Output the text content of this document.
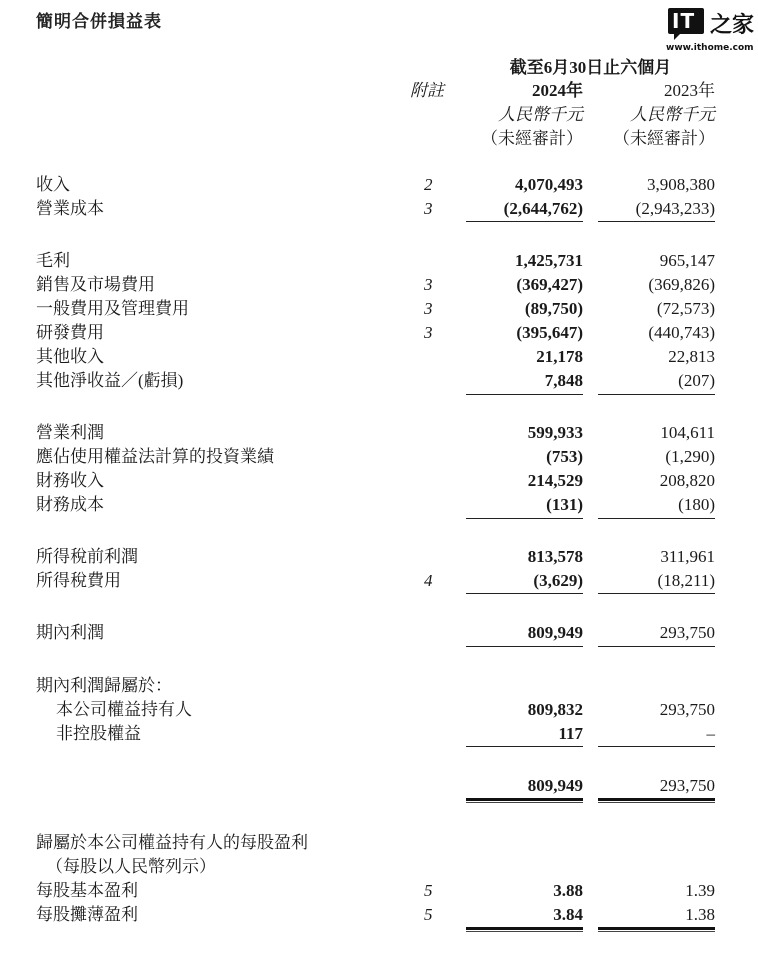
簡明合併損益表	IT 之家
www.ithome.com
截至6月30日止六個月
附註	2024年	2023年
人民幣千元	人民幣千元
（未經審計）	（未經審計）
收入	2	4,070,493	3,908,380
營業成本	3	(2,644,762)	(2,943,233)
毛利	1,425,731	965,147
銷售及市場費用	3	(369,427)	(369,826)
一般費用及管理費用	3	(89,750)	(72,573)
研發費用	3	(395,647)	(440,743)
其他收入	21,178	22,813
其他淨收益／(虧損)	7,848	(207)
營業利潤	599,933	104,611
應佔使用權益法計算的投資業績	(753)	(1,290)
財務收入	214,529	208,820
財務成本	(131)	(180)
所得稅前利潤	813,578	311,961
所得稅費用	4	(3,629)	(18,211)
期內利潤	809,949	293,750
期內利潤歸屬於：
本公司權益持有人	809,832	293,750
非控股權益	117	–
809,949	293,750
歸屬於本公司權益持有人的每股盈利
（每股以人民幣列示）
每股基本盈利	5	3.88	1.39
每股攤薄盈利	5	3.84	1.38
